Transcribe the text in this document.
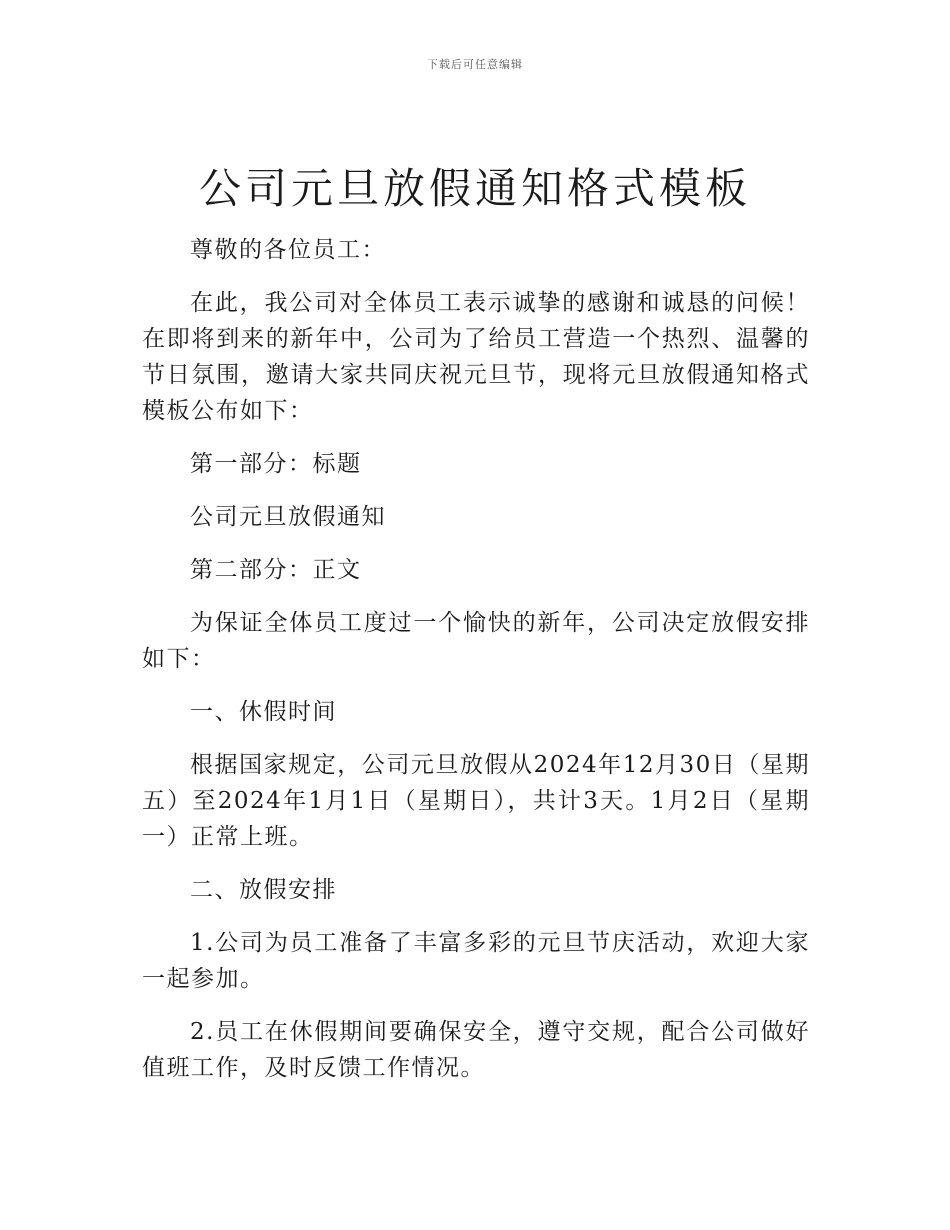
下载后可任意编辑
公司元旦放假通知格式模板

尊敬的各位员工：

在此，我公司对全体员工表示诚挚的感谢和诚恳的问候！在即将到来的新年中，公司为了给员工营造一个热烈、温馨的节日氛围，邀请大家共同庆祝元旦节，现将元旦放假通知格式模板公布如下：

第一部分：标题

公司元旦放假通知

第二部分：正文

为保证全体员工度过一个愉快的新年，公司决定放假安排如下：

一、休假时间

根据国家规定，公司元旦放假从2024年12月30日（星期五）至2024年1月1日（星期日），共计3天。1月2日（星期一）正常上班。

二、放假安排

1.公司为员工准备了丰富多彩的元旦节庆活动，欢迎大家一起参加。

2.员工在休假期间要确保安全，遵守交规，配合公司做好值班工作，及时反馈工作情况。
